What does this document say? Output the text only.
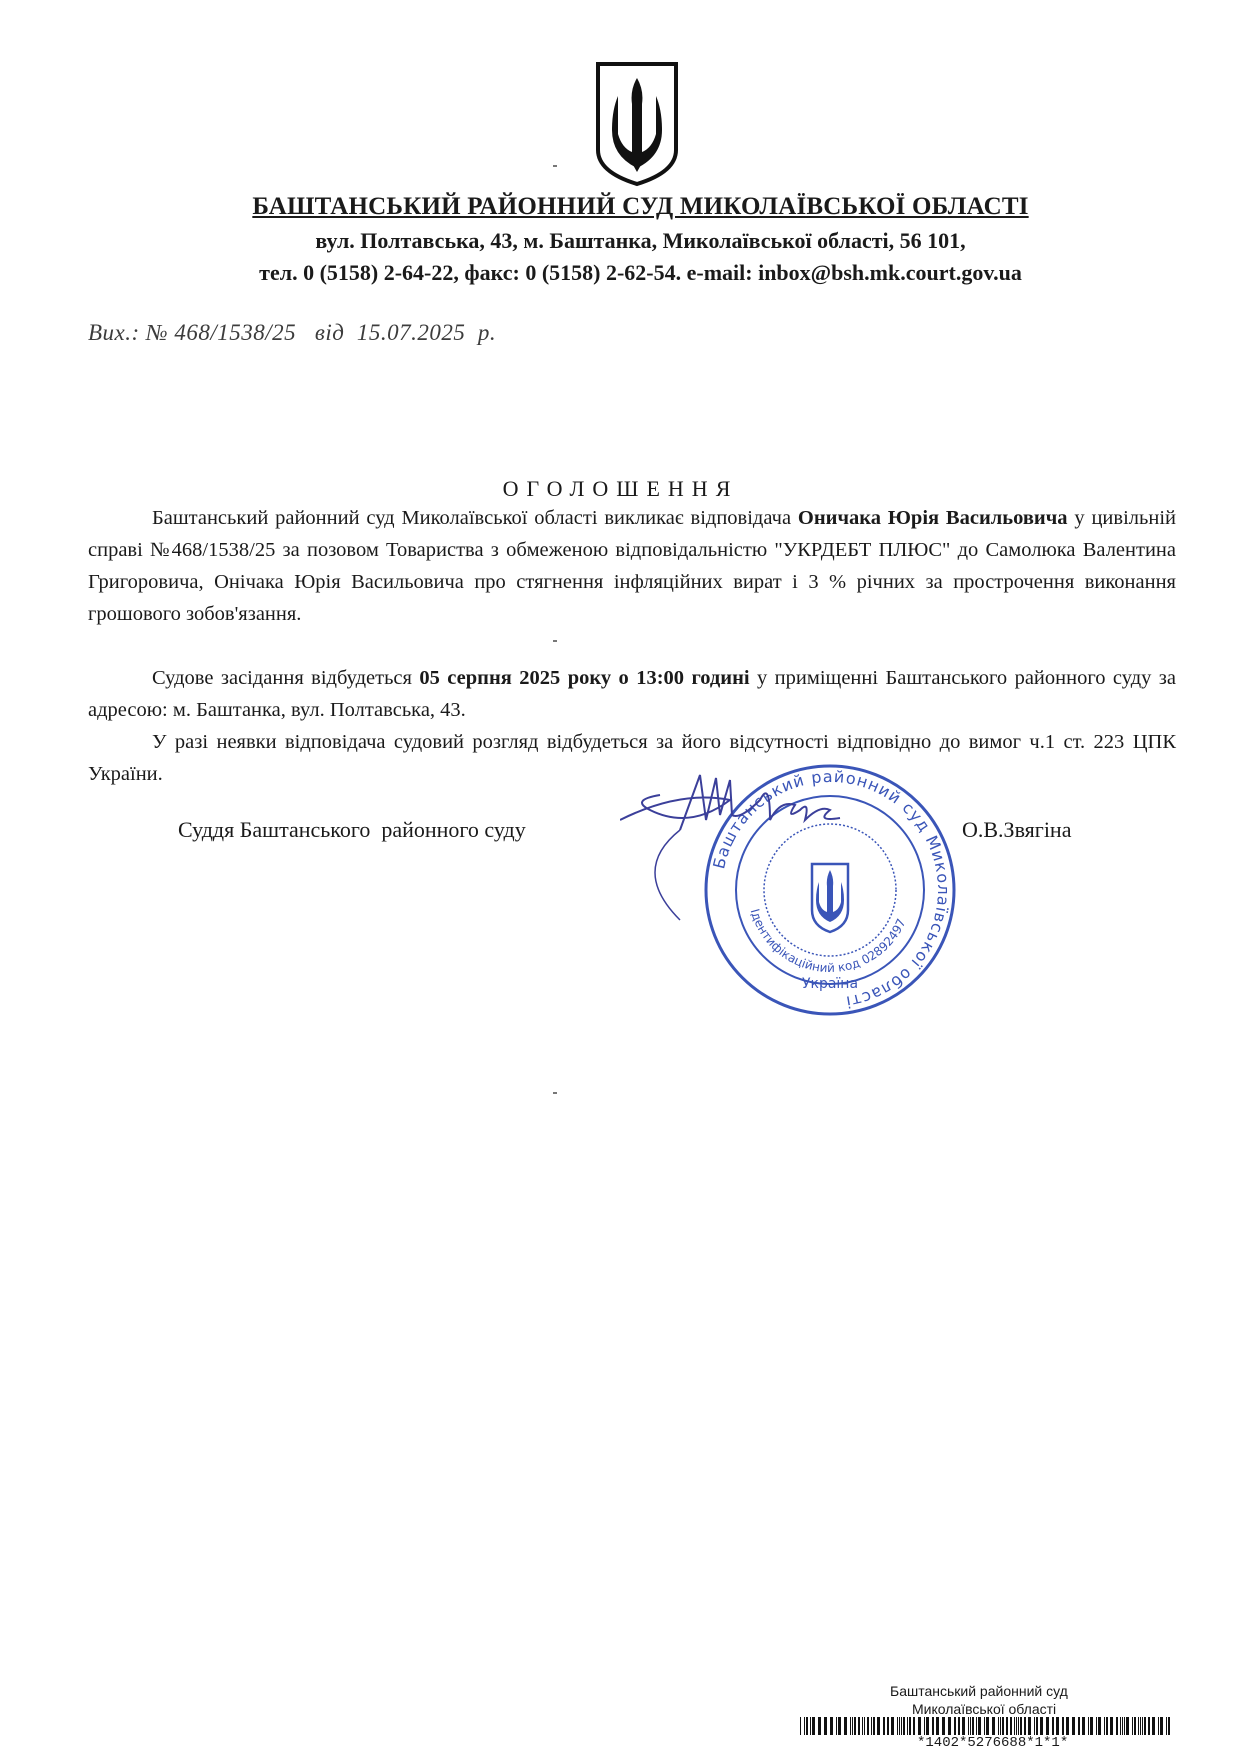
БАШТАНСЬКИЙ РАЙОННИЙ СУД МИКОЛАЇВСЬКОЇ ОБЛАСТІ
вул. Полтавська, 43, м. Баштанка, Миколаївської області, 56 101,
тел. 0 (5158) 2-64-22, факс: 0 (5158) 2-62-54. e-mail: inbox@bsh.mk.court.gov.ua
Вих.: № 468/1538/25   від  15.07.2025  р.
ОГОЛОШЕННЯ
Баштанський районний суд Миколаївської області викликає відповідача Оничака Юрія Васильовича у цивільній справі №468/1538/25 за позовом Товариства з обмеженою відповідальністю "УКРДЕБТ ПЛЮС" до Самолюка Валентина Григоровича, Онічака Юрія Васильовича про стягнення інфляційних вират і 3 % річних за прострочення виконання грошового зобов'язання.
Судове засідання відбудеться 05 серпня 2025 року о 13:00 годині у приміщенні Баштанського районного суду за адресою: м. Баштанка, вул. Полтавська, 43.
У разі неявки відповідача судовий розгляд відбудеться за його відсутності відповідно до вимог ч.1 ст. 223 ЦПК України.
Суддя Баштанського  районного суду	О.В.Звягіна
Баштанський районний суд Миколаївської області
Ідентифікаційний код 02892497
Україна
Баштанський районний суд
Миколаївської області
*1402*5276688*1*1*
